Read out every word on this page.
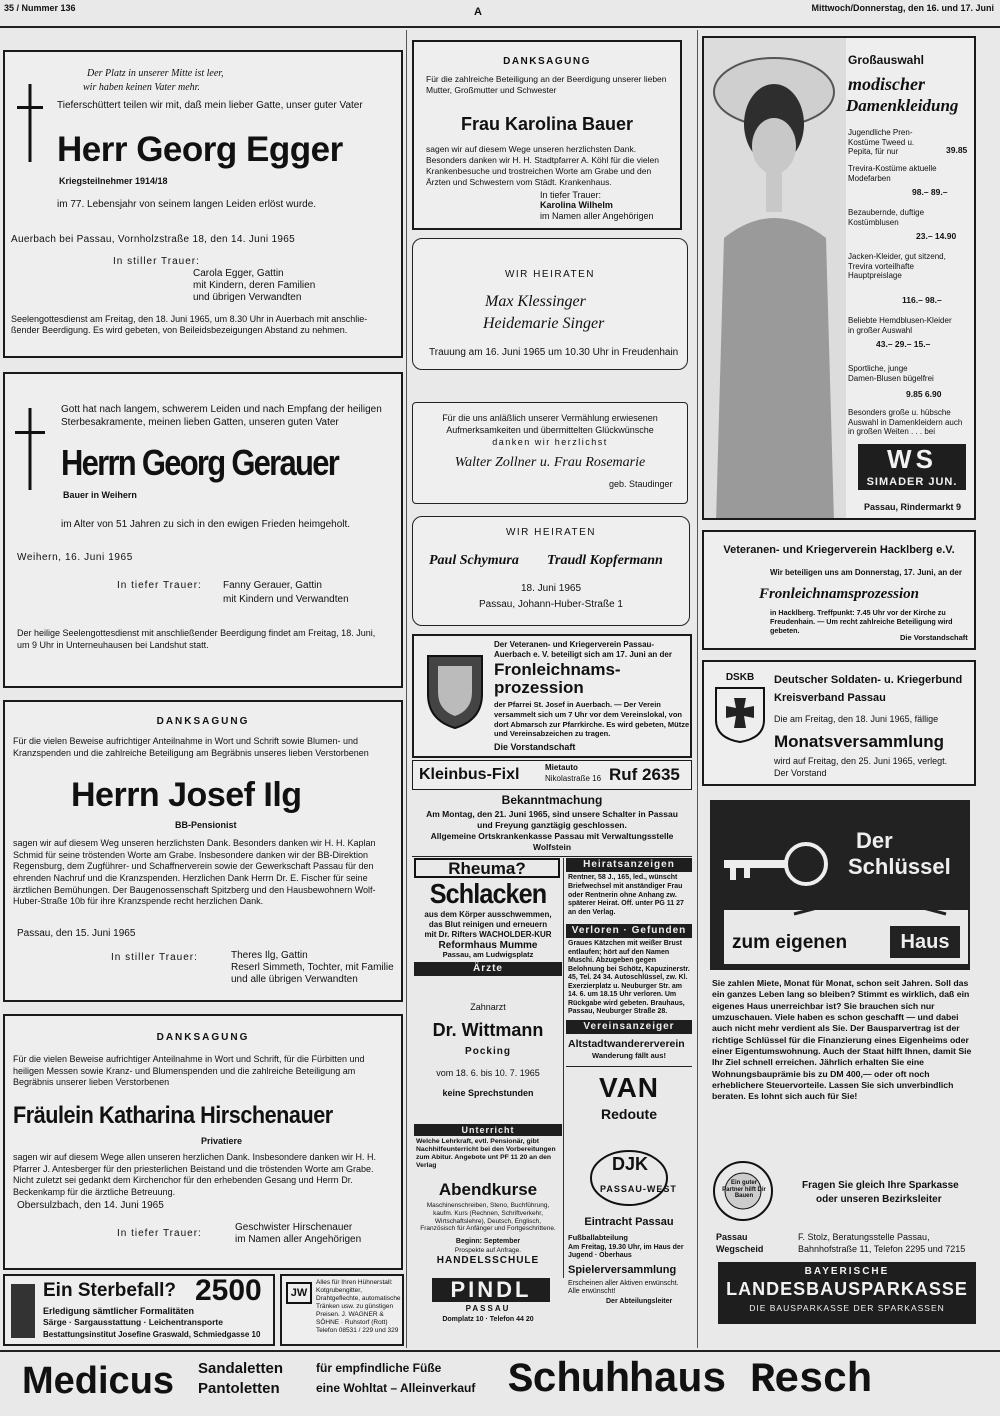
35 / Nummer 136	A	Mittwoch/Donnerstag, den 16. und 17. Juni
Der Platz in unserer Mitte ist leer,
wir haben keinen Vater mehr.
Tieferschüttert teilen wir mit, daß mein lieber Gatte, unser guter Vater
Herr Georg Egger
Kriegsteilnehmer 1914/18
im 77. Lebensjahr von seinem langen Leiden erlöst wurde.
Auerbach bei Passau, Vornholzstraße 18, den 14. Juni 1965
In stiller Trauer:
Carola Egger, Gattin
mit Kindern, deren Familien
und übrigen Verwandten
Seelengottesdienst am Freitag, den 18. Juni 1965, um 8.30 Uhr in Auerbach mit anschlie-
ßender Beerdigung. Es wird gebeten, von Beileidsbezeigungen Abstand zu nehmen.
Gott hat nach langem, schwerem Leiden und nach Empfang der heiligen
Sterbesakramente, meinen lieben Gatten, unseren guten Vater
Herrn Georg Gerauer
Bauer in Weihern
im Alter von 51 Jahren zu sich in den ewigen Frieden heimgeholt.
Weihern, 16. Juni 1965
In tiefer Trauer: Fanny Gerauer, Gattin
mit Kindern und Verwandten
Der heilige Seelengottesdienst mit anschließender Beerdigung findet am Freitag, 18. Juni,
um 9 Uhr in Unterneuhausen bei Landshut statt.
DANKSAGUNG
Für die vielen Beweise aufrichtiger Anteilnahme in Wort und Schrift sowie Blumen- und
Kranzspenden und die zahlreiche Beteiligung am Begräbnis unseres lieben Verstorbenen
Herrn Josef Ilg
BB-Pensionist
sagen wir auf diesem Weg unseren herzlichsten Dank. Besonders danken wir H. H. Kaplan Schmid für seine tröstenden Worte am Grabe. Insbesondere danken wir der BB-Direktion Regensburg, dem Zugführer- und Schaffnerverein sowie der Gewerkschaft Passau für den ehrenden Nachruf und die Kranzspenden. Herzlichen Dank Herrn Dr. E. Fischer für seine ärztlichen Bemühungen. Der Baugenossenschaft Spitzberg und den Hausbewohnern Wolf-Huber-Straße 10b für ihre Kranzspende recht herzlichen Dank.
Passau, den 15. Juni 1965
In stiller Trauer:	Theres Ilg, Gattin
Reserl Simmeth, Tochter, mit Familie
und alle übrigen Verwandten
DANKSAGUNG
Für die vielen Beweise aufrichtiger Anteilnahme in Wort und Schrift, für die Fürbitten und heiligen Messen sowie Kranz- und Blumenspenden und die zahlreiche Beteiligung am Begräbnis unserer lieben Verstorbenen
Fräulein Katharina Hirschenauer
Privatiere
sagen wir auf diesem Wege allen unseren herzlichen Dank. Insbesondere danken wir H. H. Pfarrer J. Antesberger für den priesterlichen Beistand und die tröstenden Worte am Grabe. Nicht zuletzt sei gedankt dem Kirchenchor für den erhebenden Gesang und Herrn Dr. Beckenkamp für die ärztliche Betreuung.
Obersulzbach, den 14. Juni 1965
In tiefer Trauer:
Geschwister Hirschenauer
im Namen aller Angehörigen
Ein Sterbefall? 2500
Erledigung sämtlicher Formalitäten
Särge · Sargausstattung · Leichentransporte
Bestattungsinstitut Josefine Graswald, Schmiedgasse 10
JW
Alles für Ihren Hühnerstall: Kotgrubengitter, Drahtgeflechte, automatische Tränken usw. zu günstigen Preisen. J. WAGNER & SÖHNE · Ruhstorf (Rott) Telefon 08531 / 229 und 329
DANKSAGUNG
Für die zahlreiche Beteiligung an der Beerdigung unserer lieben Mutter, Großmutter und Schwester
Frau Karolina Bauer
sagen wir auf diesem Wege unseren herzlichsten Dank. Besonders danken wir H. H. Stadtpfarrer A. Köhl für die vielen Krankenbesuche und trostreichen Worte am Grabe und den Ärzten und Schwestern vom Städt. Krankenhaus.
In tiefer Trauer:
Karolina Wilhelm
im Namen aller Angehörigen
WIR HEIRATEN
Max Klessinger
Heidemarie Singer
Trauung am 16. Juni 1965 um 10.30 Uhr in Freudenhain
Für die uns anläßlich unserer Vermählung erwiesenen
Aufmerksamkeiten und übermittelten Glückwünsche
danken wir herzlichst
Walter Zollner u. Frau Rosemarie
geb. Staudinger
WIR HEIRATEN
Paul Schymura Traudl Kopfermann
18. Juni 1965
Passau, Johann-Huber-Straße 1
Der Veteranen- und Kriegerverein Passau-Auerbach e. V. beteiligt sich am 17. Juni an der
Fronleichnams-
prozession
der Pfarrei St. Josef in Auerbach. — Der Verein versammelt sich um 7 Uhr vor dem Vereinslokal, von dort Abmarsch zur Pfarrkirche. Es wird gebeten, Mütze und Vereinsabzeichen zu tragen.
Die Vorstandschaft
Kleinbus-Fixl	Mietauto
Nikolastraße 16 Ruf 2635
Bekanntmachung
Am Montag, den 21. Juni 1965, sind unsere Schalter in Passau
und Freyung ganztägig geschlossen.
Allgemeine Ortskrankenkasse Passau mit Verwaltungsstelle
Wolfstein
Rheuma?
Schlacken
aus dem Körper ausschwemmen,
das Blut reinigen und erneuern
mit Dr. Rifters WACHOLDER-KUR
Reformhaus Mumme
Passau, am Ludwigsplatz
Heiratsanzeigen
Rentner, 58 J., 165, led., wünscht Briefwechsel mit anständiger Frau oder Rentnerin ohne Anhang zw. späterer Heirat. Off. unter PG 11 27 an den Verlag.
Verloren · Gefunden
Graues Kätzchen mit weißer Brust entlaufen; hört auf den Namen Muschi. Abzugeben gegen Belohnung bei Schötz, Kapuzinerstr. 45, Tel. 24 34. Autoschlüssel, zw. Kl. Exerzierplatz u. Neuburger Str. am 14. 6. um 18.15 Uhr verloren. Um Rückgabe wird gebeten. Brauhaus, Passau, Neuburger Straße 28.
Vereinsanzeiger
Altstadtwandererverein
Wanderung fällt aus!
VAN
Redoute
Ärzte
Zahnarzt
Dr. Wittmann
Pocking
vom 18. 6. bis 10. 7. 1965
keine Sprechstunden
Unterricht
Welche Lehrkraft, evtl. Pensionär, gibt Nachhilfeunterricht bei den Vorbereitungen zum Abitur. Angebote unt PF 11 20 an den Verlag
Abendkurse
Maschinenschreiben, Steno, Buchführung, kaufm. Kurs (Rechnen, Schriftverkehr, Wirtschaftslehre), Deutsch, Englisch, Französisch für Anfänger und Fortgeschrittene.
Beginn: September
Prospekte auf Anfrage.
HANDELSSCHULE
PINDL
PASSAU
Domplatz 10 · Telefon 44 20
DJK
PASSAU-WEST
Eintracht Passau
Fußballabteilung
Am Freitag, 19.30 Uhr, im Haus der Jugend · Oberhaus
Spielerversammlung
Erscheinen aller Aktiven erwünscht. Alle erwünscht!
Der Abteilungsleiter
Großauswahl
modischer
Damenkleidung
Jugendliche Pren-Kostüme Tweed u. Pepita, für nur	39.85
Trevira-Kostüme aktuelle Modefarben
98.– 89.–
Bezaubernde, duftige Kostümblusen
23.– 14.90
Jacken-Kleider, gut sitzend, Trevira vorteilhafte Hauptpreislage
116.– 98.–
Beliebte Hemdblusen-Kleider in großer Auswahl
43.– 29.– 15.–
Sportliche, junge Damen-Blusen bügelfrei
9.85 6.90
Besonders große u. hübsche Auswahl in Damenkleidern auch in großen Weiten . . . bei
WS
SIMADER JUN.
Passau, Rindermarkt 9
Veteranen- und Kriegerverein Hacklberg e.V.
Wir beteiligen uns am Donnerstag, 17. Juni, an der
Fronleichnamsprozession
in Hacklberg. Treffpunkt: 7.45 Uhr vor der Kirche zu Freudenhain. — Um recht zahlreiche Beteiligung wird gebeten.
Die Vorstandschaft
DSKB	Deutscher Soldaten- u. Kriegerbund
Kreisverband Passau
Die am Freitag, den 18. Juni 1965, fällige
Monatsversammlung
wird auf Freitag, den 25. Juni 1965, verlegt.
Der Vorstand
Der
Schlüssel
zum eigenen	Haus
Sie zahlen Miete, Monat für Monat, schon seit Jahren. Soll das ein ganzes Leben lang so bleiben? Stimmt es wirklich, daß ein eigenes Haus unerreichbar ist? Sie brauchen sich nur umzuschauen. Viele haben es schon geschafft — und dabei auch nicht mehr verdient als Sie. Der Bausparvertrag ist der richtige Schlüssel für die Finanzierung eines Eigenheims oder einer Eigentumswohnung. Auch der Staat hilft Ihnen, damit Sie Ihr Ziel schnell erreichen. Jährlich erhalten Sie eine Wohnungsbauprämie bis zu DM 400,— oder oft noch erheblichere Steuervorteile. Lassen Sie sich unverbindlich beraten. Es lohnt sich auch für Sie!
Ein guter Partner hilft Dir Bauen
Fragen Sie gleich Ihre Sparkasse
oder unseren Bezirksleiter
Passau
Wegscheid
F. Stolz, Beratungsstelle Passau,
Bahnhofstraße 11, Telefon 2295 und 7215
BAYERISCHE
LANDESBAUSPARKASSE
DIE BAUSPARKASSE DER SPARKASSEN
Medicus Sandaletten
Pantoletten
für empfindliche Füße
eine Wohltat – Alleinverkauf Schuhhaus Resch
